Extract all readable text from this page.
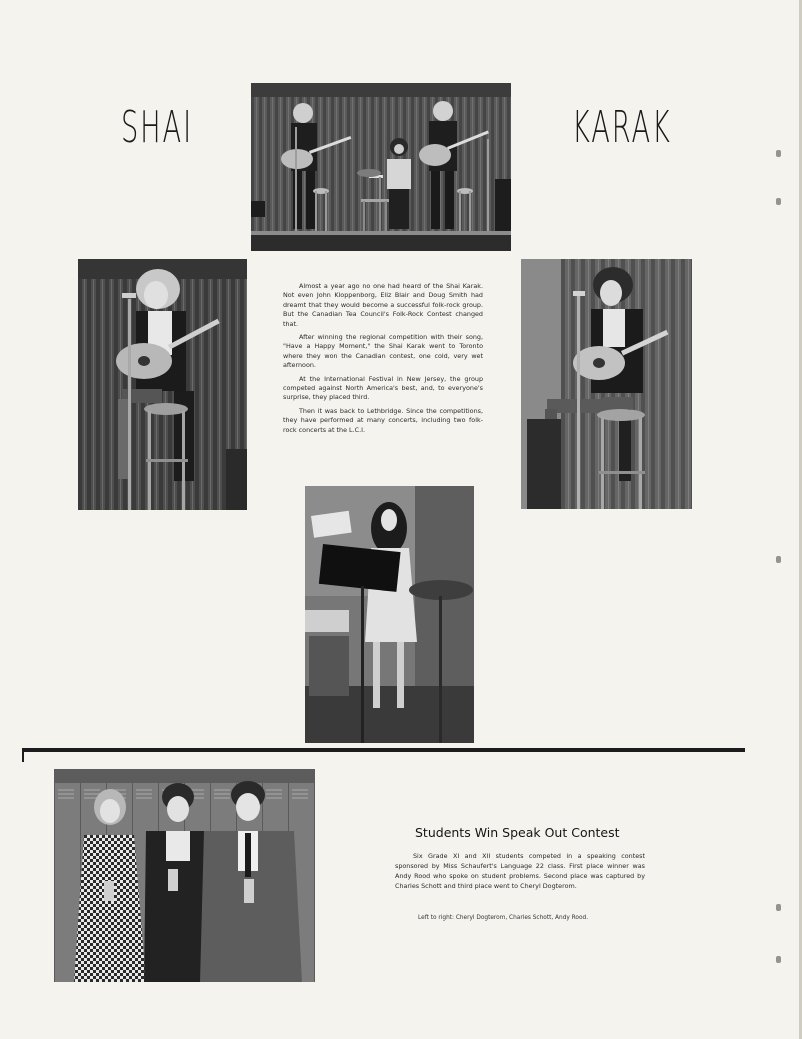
SHAI	KARAK

Almost a year ago no one had heard of the Shai Karak. Not even John Kloppenborg, Eliz Blair and Doug Smith had dreamt that they would become a successful folk-rock group. But the Canadian Tea Council's Folk-Rock Contest changed that.

After winning the regional competition with their song, "Have a Happy Moment," the Shai Karak went to Toronto where they won the Canadian contest, one cold, very wet afternoon.

At the International Festival in New Jersey, the group competed against North America's best, and, to everyone's surprise, they placed third.

Then it was back to Lethbridge. Since the competitions, they have performed at many concerts, including two folk-rock concerts at the L.C.I.

Students Win Speak Out Contest

Six Grade XI and XII students competed in a speaking contest sponsored by Miss Schaufert's Language 22 class. First place winner was Andy Rood who spoke on student problems. Second place was captured by Charles Schott and third place went to Cheryl Dogterom.

Left to right: Cheryl Dogterom, Charles Schott, Andy Rood.
